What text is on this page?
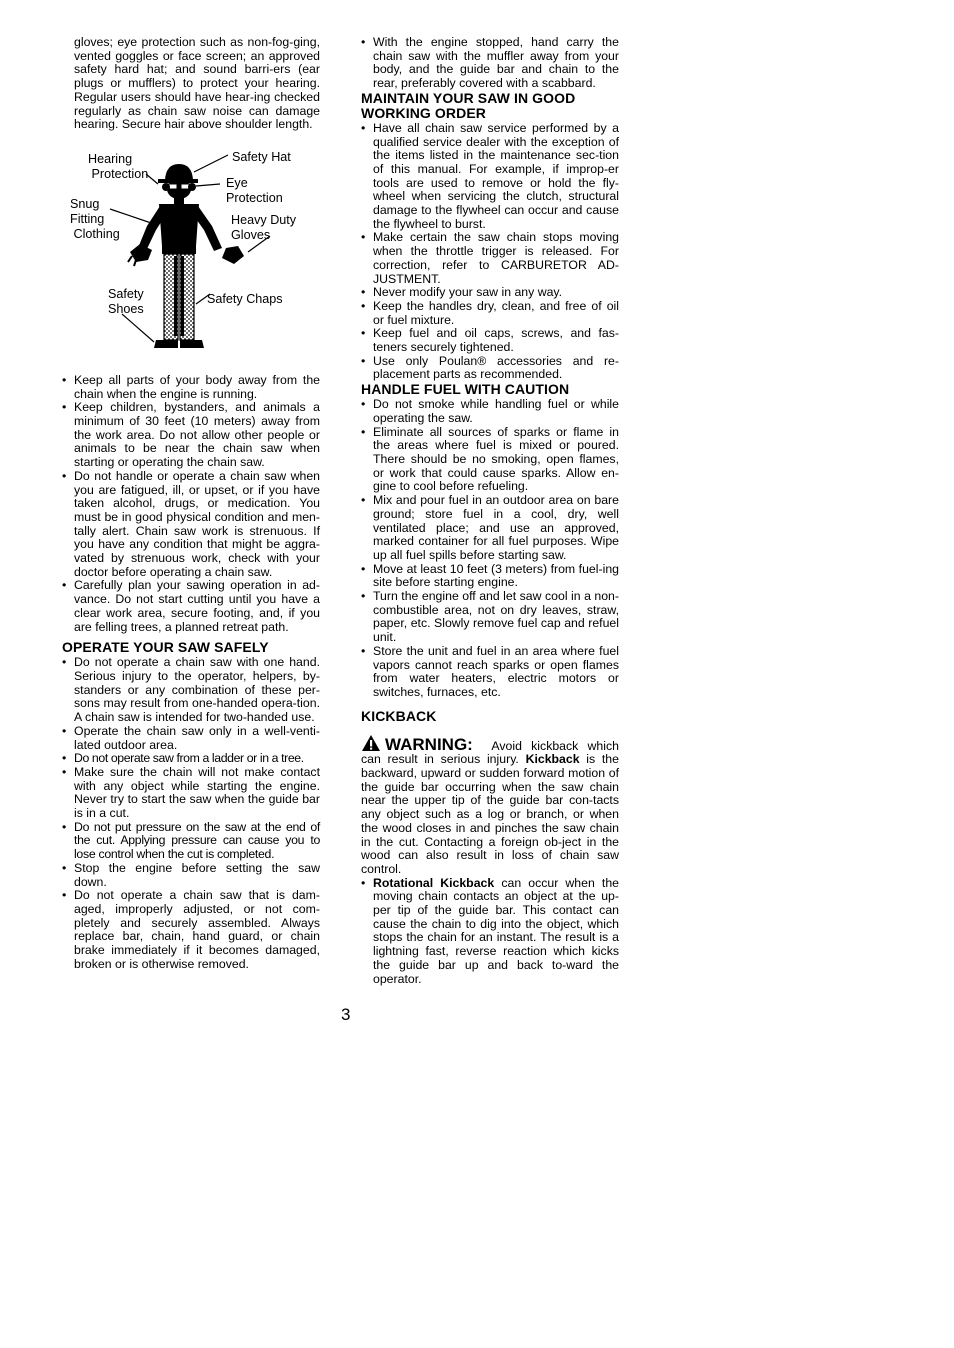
gloves; eye protection such as non-fog-ging, vented goggles or face screen; an approved safety hard hat; and sound barri-ers (ear plugs or mufflers) to protect your hearing. Regular users should have hear-ing checked regularly as chain saw noise can damage hearing. Secure hair above shoulder length.

Hearing
Protection
Safety Hat
Eye
Protection
Snug
Fitting
Clothing
Heavy Duty
Gloves
Safety
Shoes
Safety Chaps
• Keep all parts of your body away from the chain when the engine is running.
• Keep children, bystanders, and animals a minimum of 30 feet (10 meters) away from the work area. Do not allow other people or animals to be near the chain saw when starting or operating the chain saw.
• Do not handle or operate a chain saw when you are fatigued, ill, or upset, or if you have taken alcohol, drugs, or medication. You must be in good physical condition and men-tally alert. Chain saw work is strenuous. If you have any condition that might be aggra-vated by strenuous work, check with your doctor before operating a chain saw.
• Carefully plan your sawing operation in ad-vance. Do not start cutting until you have a clear work area, secure footing, and, if you are felling trees, a planned retreat path.
OPERATE YOUR SAW SAFELY
• Do not operate a chain saw with one hand. Serious injury to the operator, helpers, by-standers or any combination of these per-sons may result from one-handed opera-tion. A chain saw is intended for two-handed use.
• Operate the chain saw only in a well-venti-lated outdoor area.
• Do not operate saw from a ladder or in a tree.
• Make sure the chain will not make contact with any object while starting the engine. Never try to start the saw when the guide bar is in a cut.
• Do not put pressure on the saw at the end of the cut. Applying pressure can cause you to lose control when the cut is completed.
• Stop the engine before setting the saw down.
• Do not operate a chain saw that is dam-aged, improperly adjusted, or not com-pletely and securely assembled. Always replace bar, chain, hand guard, or chain brake immediately if it becomes damaged, broken or is otherwise removed.
• With the engine stopped, hand carry the chain saw with the muffler away from your body, and the guide bar and chain to the rear, preferably covered with a scabbard.
MAINTAIN YOUR SAW IN GOOD WORKING ORDER
• Have all chain saw service performed by a qualified service dealer with the exception of the items listed in the maintenance sec-tion of this manual. For example, if improp-er tools are used to remove or hold the fly-wheel when servicing the clutch, structural damage to the flywheel can occur and cause the flywheel to burst.
• Make certain the saw chain stops moving when the throttle trigger is released. For correction, refer to CARBURETOR AD-JUSTMENT.
• Never modify your saw in any way.
• Keep the handles dry, clean, and free of oil or fuel mixture.
• Keep fuel and oil caps, screws, and fas-teners securely tightened.
• Use only Poulan® accessories and re-placement parts as recommended.
HANDLE FUEL WITH CAUTION
• Do not smoke while handling fuel or while operating the saw.
• Eliminate all sources of sparks or flame in the areas where fuel is mixed or poured. There should be no smoking, open flames, or work that could cause sparks. Allow en-gine to cool before refueling.
• Mix and pour fuel in an outdoor area on bare ground; store fuel in a cool, dry, well ventilated place; and use an approved, marked container for all fuel purposes. Wipe up all fuel spills before starting saw.
• Move at least 10 feet (3 meters) from fuel-ing site before starting engine.
• Turn the engine off and let saw cool in a non-combustible area, not on dry leaves, straw, paper, etc. Slowly remove fuel cap and refuel unit.
• Store the unit and fuel in an area where fuel vapors cannot reach sparks or open flames from water heaters, electric motors or switches, furnaces, etc.
KICKBACK

WARNING: Avoid kickback which can result in serious injury. Kickback is the backward, upward or sudden forward motion of the guide bar occurring when the saw chain near the upper tip of the guide bar con-tacts any object such as a log or branch, or when the wood closes in and pinches the saw chain in the cut. Contacting a foreign ob-ject in the wood can also result in loss of chain saw control.

• Rotational Kickback can occur when the moving chain contacts an object at the up-per tip of the guide bar. This contact can cause the chain to dig into the object, which stops the chain for an instant. The result is a lightning fast, reverse reaction which kicks the guide bar up and back to-ward the operator.
3
